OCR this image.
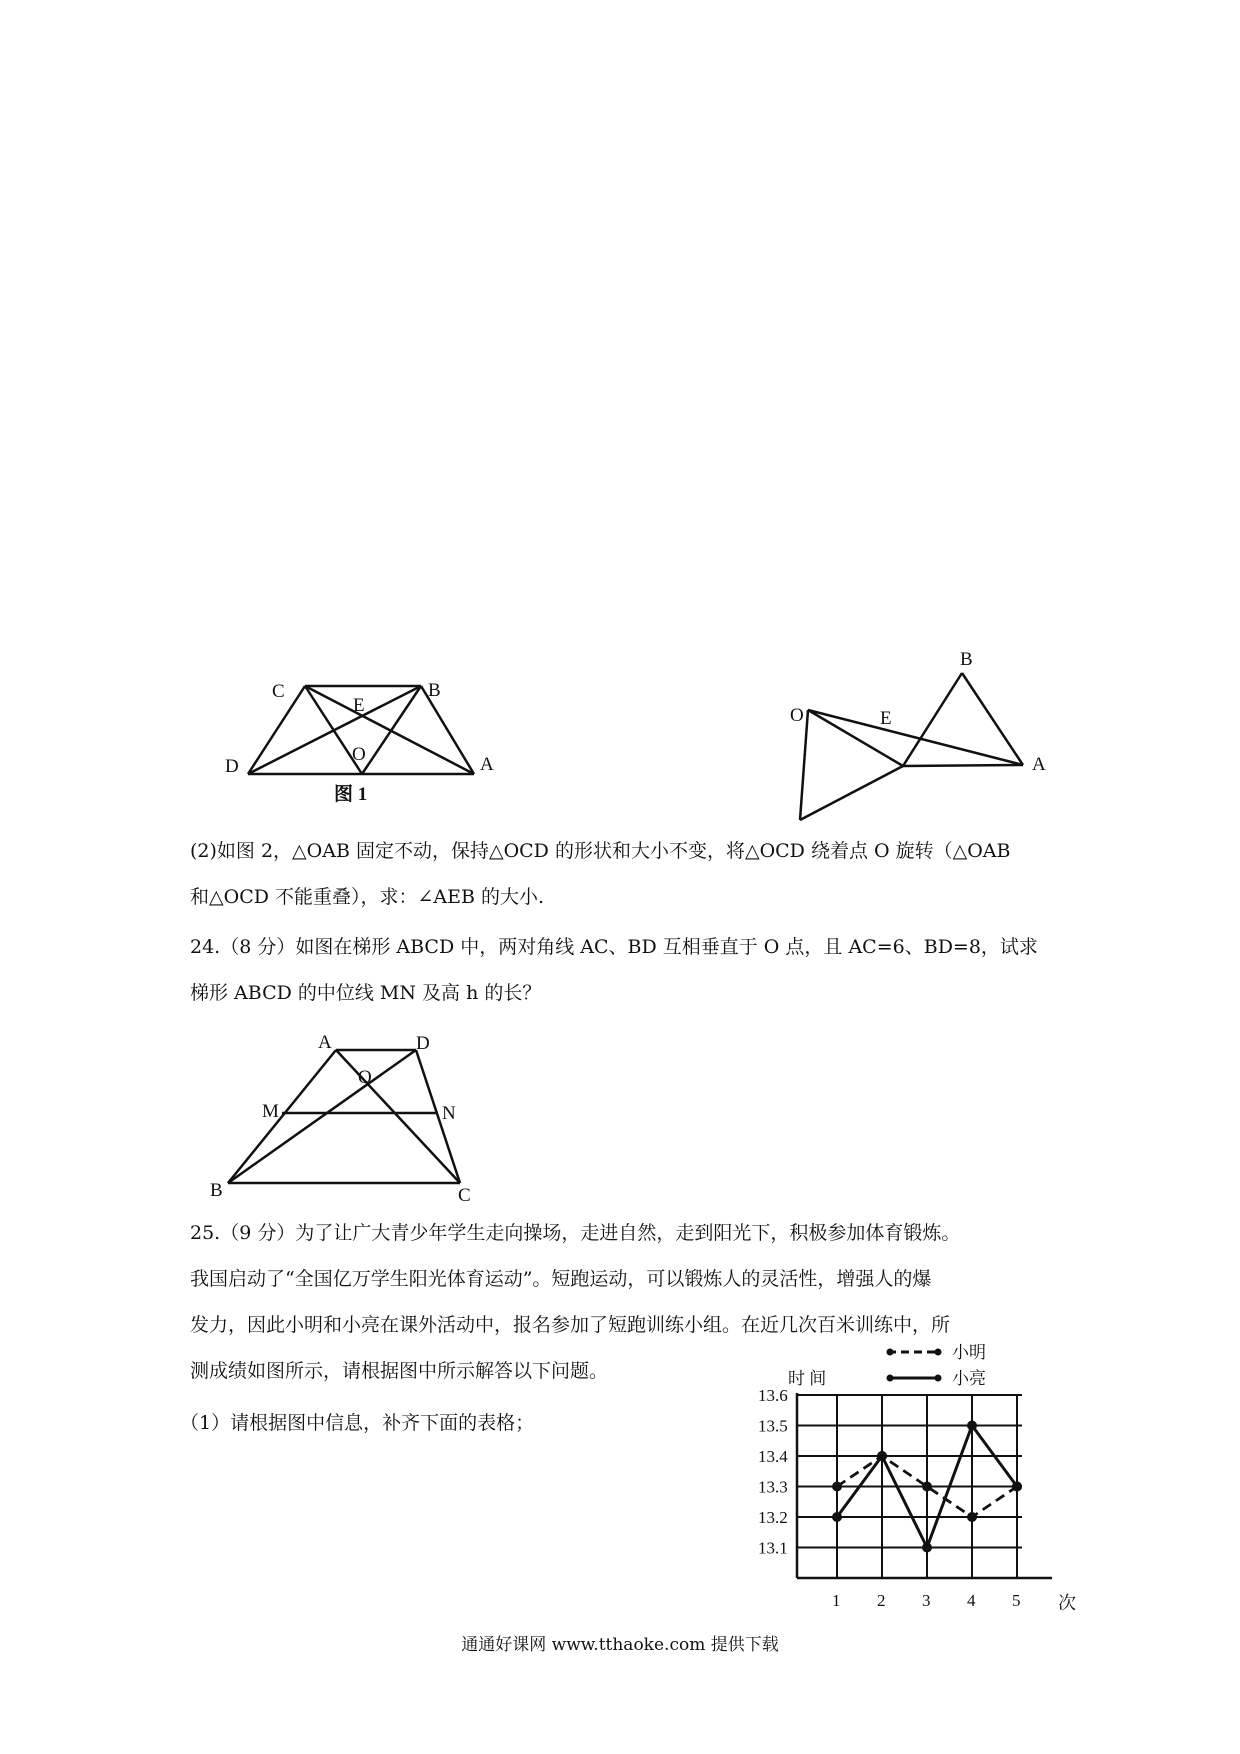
C	B
E
D
O	A
图 1
B
O	E
A
A	D
O
M	N
B	C
(2)如图 2，△OAB 固定不动，保持△OCD 的形状和大小不变，将△OCD 绕着点 O 旋转（△OAB
和△OCD 不能重叠），求：∠AEB 的大小.
24.（8 分）如图在梯形 ABCD 中，两对角线 AC、BD 互相垂直于 O 点，且 AC=6、BD=8，试求
梯形 ABCD 的中位线 MN 及高 h 的长？
25.（9 分）为了让广大青少年学生走向操场，走进自然，走到阳光下，积极参加体育锻炼。
我国启动了“全国亿万学生阳光体育运动”。短跑运动，可以锻炼人的灵活性，增强人的爆
发力，因此小明和小亮在课外活动中，报名参加了短跑训练小组。在近几次百米训练中，所
测成绩如图所示，请根据图中所示解答以下问题。
（1）请根据图中信息，补齐下面的表格；
13.1
13.2
13.3
13.4
13.5
13.6
1 2 3 4 5
时 间
次
小明
小亮
通通好课网 www.tthaoke.com 提供下载
